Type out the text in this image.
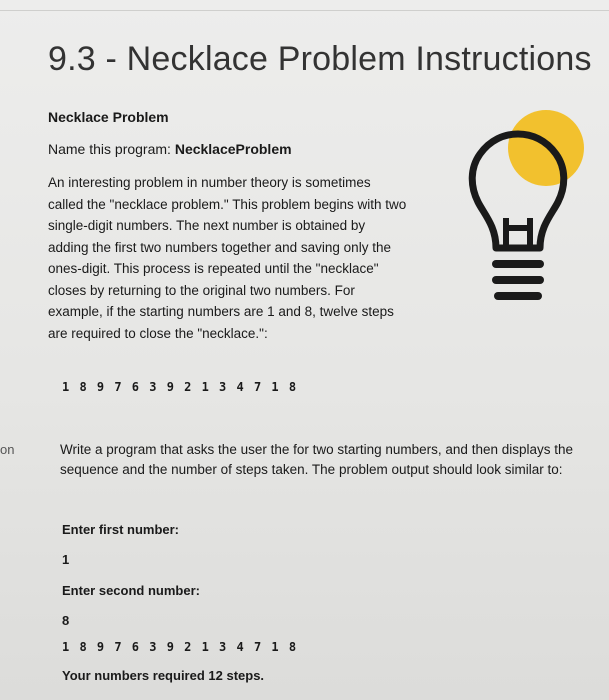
9.3 - Necklace Problem Instructions
Necklace Problem
Name this program: NecklaceProblem
An interesting problem in number theory is sometimes called the "necklace problem." This problem begins with two single-digit numbers. The next number is obtained by adding the first two numbers together and saving only the ones-digit. This process is repeated until the "necklace" closes by returning to the original two numbers. For example, if the starting numbers are 1 and 8, twelve steps are required to close the "necklace.":
1 8 9 7 6 3 9 2 1 3 4 7 1 8
on	Write a program that asks the user the for two starting numbers, and then displays the sequence and the number of steps taken. The problem output should look similar to:
Enter first number:
1
Enter second number:
8
1 8 9 7 6 3 9 2 1 3 4 7 1 8
Your numbers required 12 steps.
